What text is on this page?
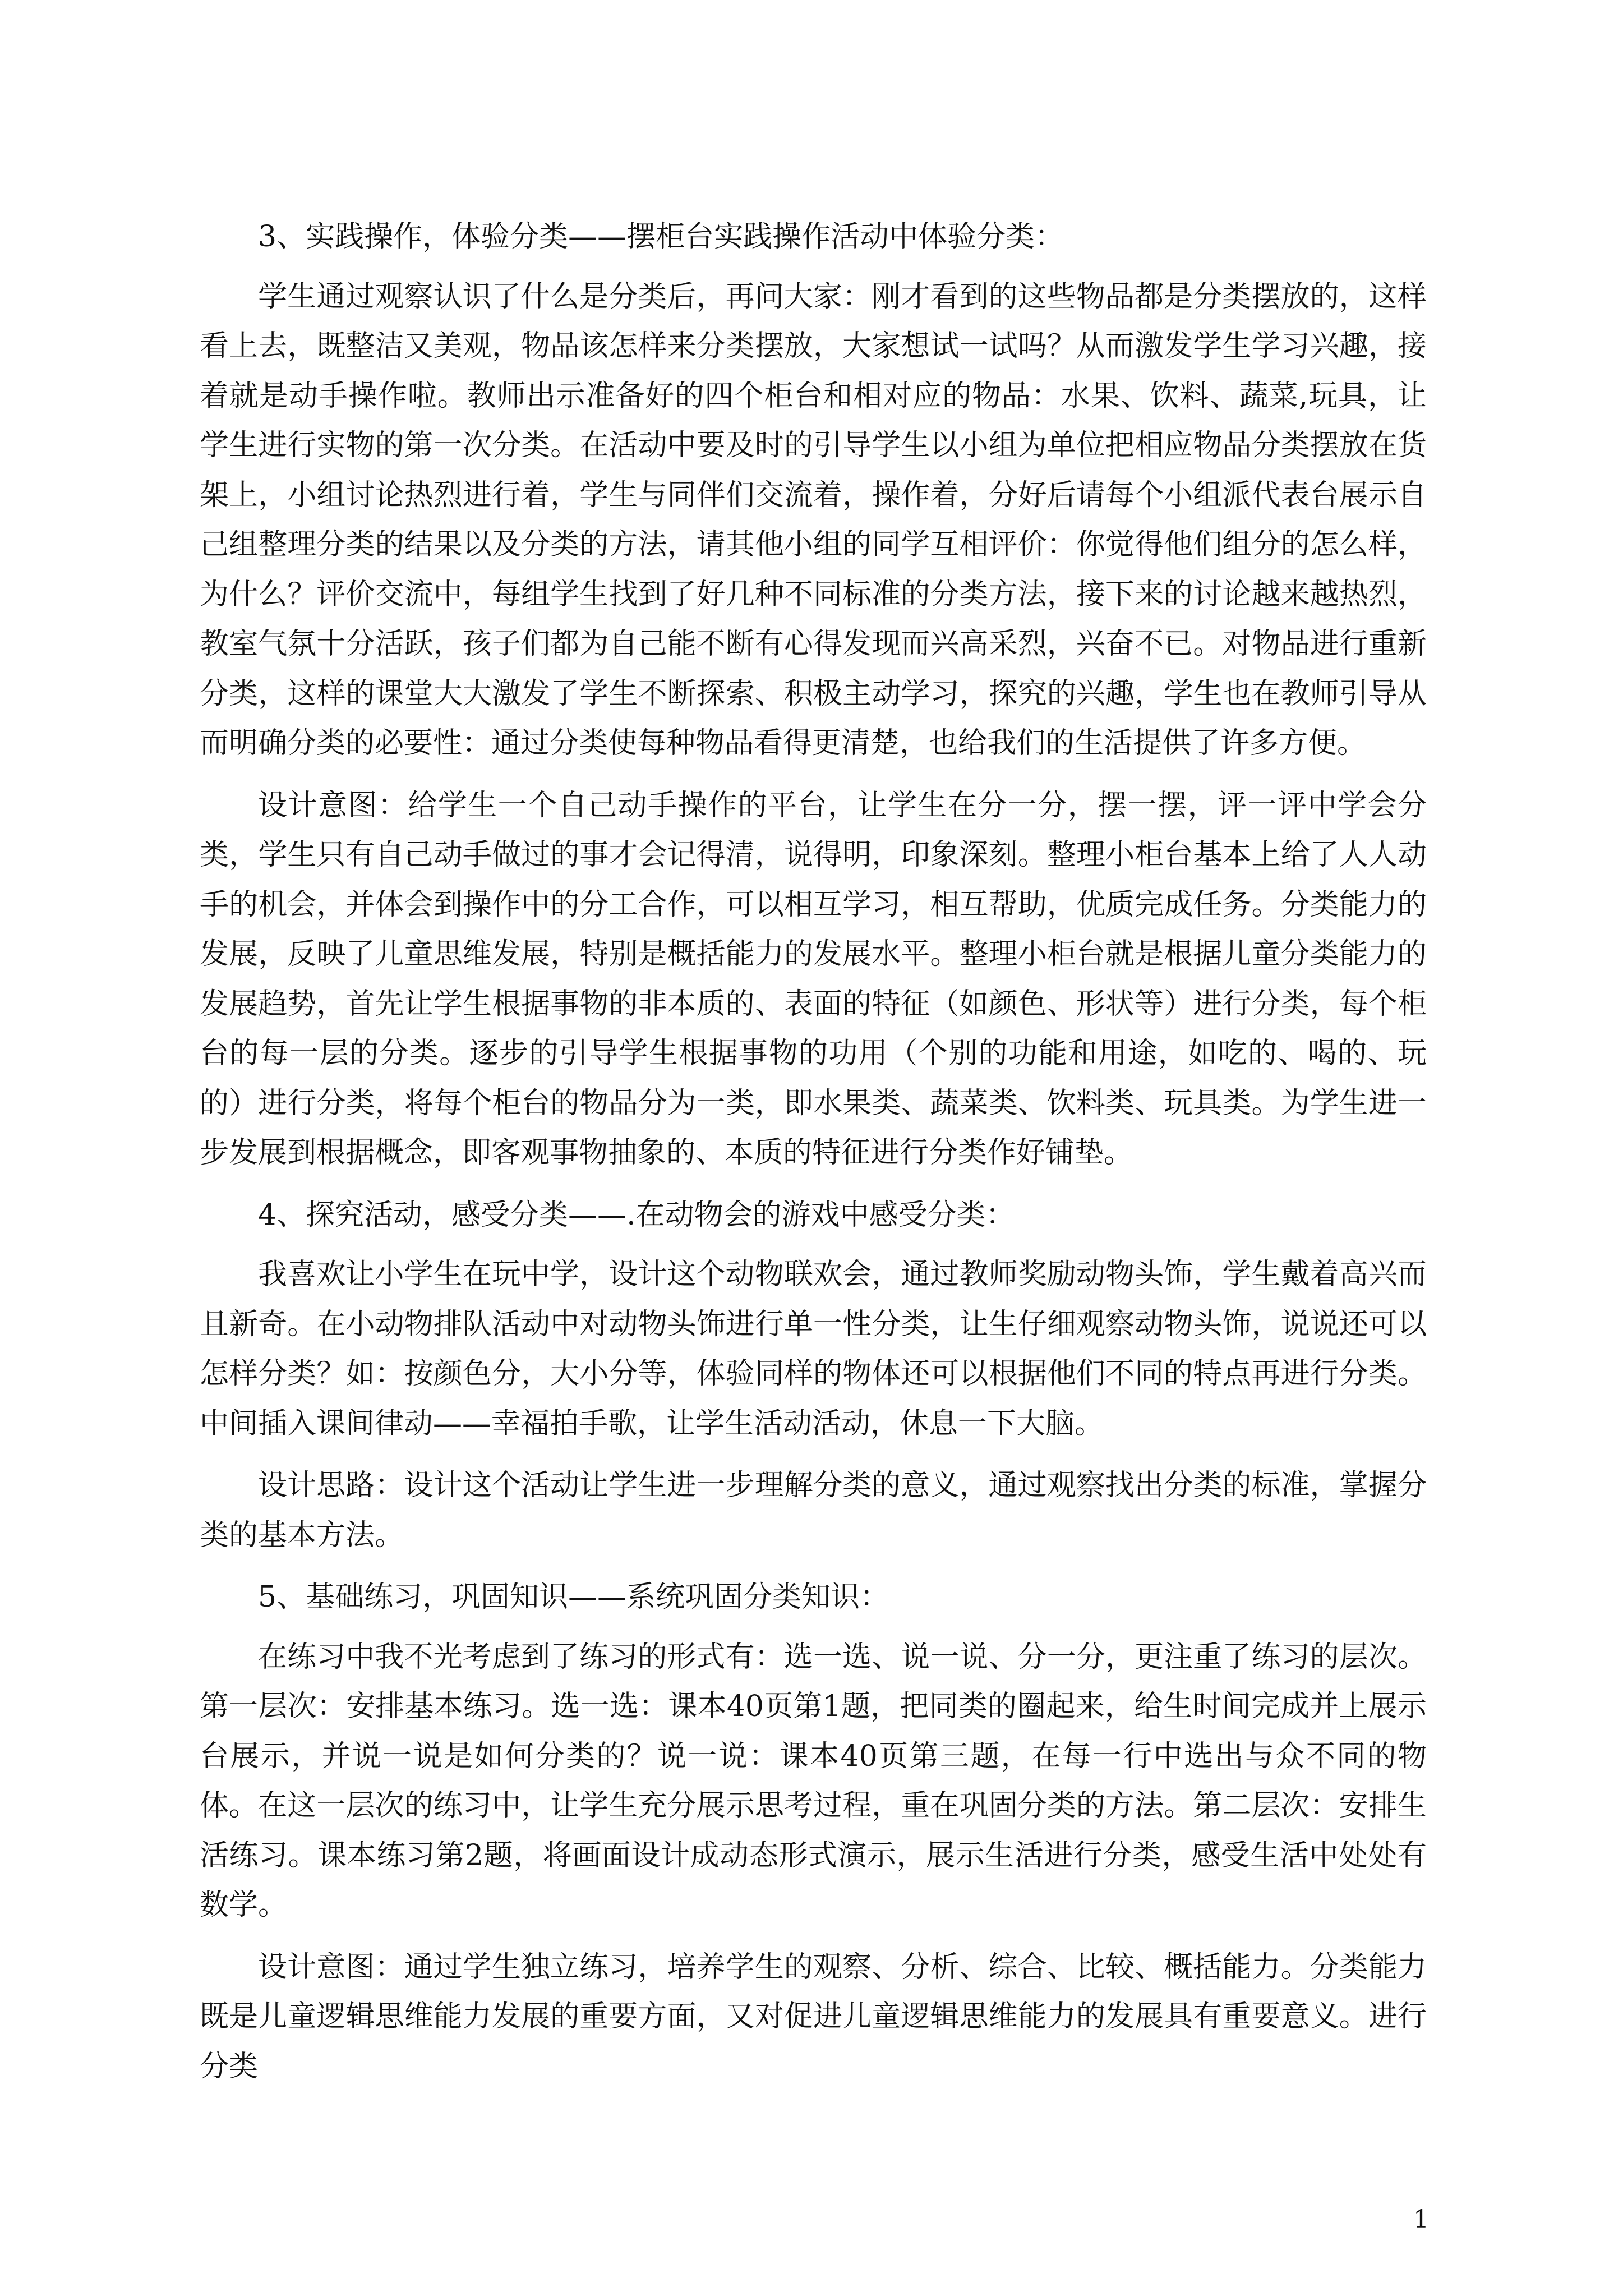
3、实践操作，体验分类——摆柜台实践操作活动中体验分类：

学生通过观察认识了什么是分类后，再问大家：刚才看到的这些物品都是分类摆放的，这样看上去，既整洁又美观，物品该怎样来分类摆放，大家想试一试吗？从而激发学生学习兴趣，接着就是动手操作啦。教师出示准备好的四个柜台和相对应的物品：水果、饮料、蔬菜,玩具，让学生进行实物的第一次分类。在活动中要及时的引导学生以小组为单位把相应物品分类摆放在货架上，小组讨论热烈进行着，学生与同伴们交流着，操作着，分好后请每个小组派代表台展示自己组整理分类的结果以及分类的方法，请其他小组的同学互相评价：你觉得他们组分的怎么样，为什么？评价交流中，每组学生找到了好几种不同标准的分类方法，接下来的讨论越来越热烈，教室气氛十分活跃，孩子们都为自己能不断有心得发现而兴高采烈，兴奋不已。对物品进行重新分类，这样的课堂大大激发了学生不断探索、积极主动学习，探究的兴趣，学生也在教师引导从而明确分类的必要性：通过分类使每种物品看得更清楚，也给我们的生活提供了许多方便。

设计意图：给学生一个自己动手操作的平台，让学生在分一分，摆一摆，评一评中学会分类，学生只有自己动手做过的事才会记得清，说得明，印象深刻。整理小柜台基本上给了人人动手的机会，并体会到操作中的分工合作，可以相互学习，相互帮助，优质完成任务。分类能力的发展，反映了儿童思维发展，特别是概括能力的发展水平。整理小柜台就是根据儿童分类能力的发展趋势，首先让学生根据事物的非本质的、表面的特征（如颜色、形状等）进行分类，每个柜台的每一层的分类。逐步的引导学生根据事物的功用（个别的功能和用途，如吃的、喝的、玩的）进行分类，将每个柜台的物品分为一类，即水果类、蔬菜类、饮料类、玩具类。为学生进一步发展到根据概念，即客观事物抽象的、本质的特征进行分类作好铺垫。

4、探究活动，感受分类——.在动物会的游戏中感受分类：

我喜欢让小学生在玩中学，设计这个动物联欢会，通过教师奖励动物头饰，学生戴着高兴而且新奇。在小动物排队活动中对动物头饰进行单一性分类，让生仔细观察动物头饰，说说还可以怎样分类？如：按颜色分，大小分等，体验同样的物体还可以根据他们不同的特点再进行分类。中间插入课间律动——幸福拍手歌，让学生活动活动，休息一下大脑。

设计思路：设计这个活动让学生进一步理解分类的意义，通过观察找出分类的标准，掌握分类的基本方法。

5、基础练习，巩固知识——系统巩固分类知识：

在练习中我不光考虑到了练习的形式有：选一选、说一说、分一分，更注重了练习的层次。第一层次：安排基本练习。选一选：课本40页第1题，把同类的圈起来，给生时间完成并上展示台展示，并说一说是如何分类的？说一说：课本40页第三题，在每一行中选出与众不同的物体。在这一层次的练习中，让学生充分展示思考过程，重在巩固分类的方法。第二层次：安排生活练习。课本练习第2题，将画面设计成动态形式演示，展示生活进行分类，感受生活中处处有数学。

设计意图：通过学生独立练习，培养学生的观察、分析、综合、比较、概括能力。分类能力既是儿童逻辑思维能力发展的重要方面，又对促进儿童逻辑思维能力的发展具有重要意义。进行分类

1
